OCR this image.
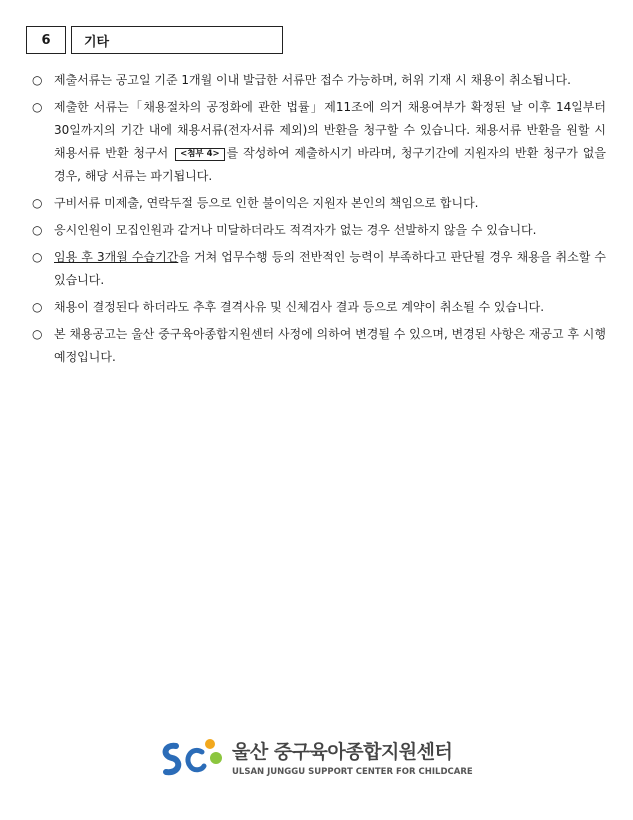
6	기타
○ 제출서류는 공고일 기준 1개월 이내 발급한 서류만 접수 가능하며, 허위 기재 시 채용이 취소됩니다.
○ 제출한 서류는「채용절차의 공정화에 관한 법률」제11조에 의거 채용여부가 확정된 날 이후 14일부터 30일까지의 기간 내에 채용서류(전자서류 제외)의 반환을 청구할 수 있습니다. 채용서류 반환을 원할 시 채용서류 반환 청구서 <첨부 4> 를 작성하여 제출하시기 바라며, 청구기간에 지원자의 반환 청구가 없을 경우, 해당 서류는 파기됩니다.
○ 구비서류 미제출, 연락두절 등으로 인한 불이익은 지원자 본인의 책임으로 합니다.
○ 응시인원이 모집인원과 같거나 미달하더라도 적격자가 없는 경우 선발하지 않을 수 있습니다.
○ 임용 후 3개월 수습기간을 거쳐 업무수행 등의 전반적인 능력이 부족하다고 판단될 경우 채용을 취소할 수 있습니다.
○ 채용이 결정된다 하더라도 추후 결격사유 및 신체검사 결과 등으로 계약이 취소될 수 있습니다.
○ 본 채용공고는 울산 중구육아종합지원센터 사정에 의하여 변경될 수 있으며, 변경된 사항은 재공고 후 시행 예정입니다.
울산 중구육아종합지원센터
ULSAN JUNGGU SUPPORT CENTER FOR CHILDCARE
